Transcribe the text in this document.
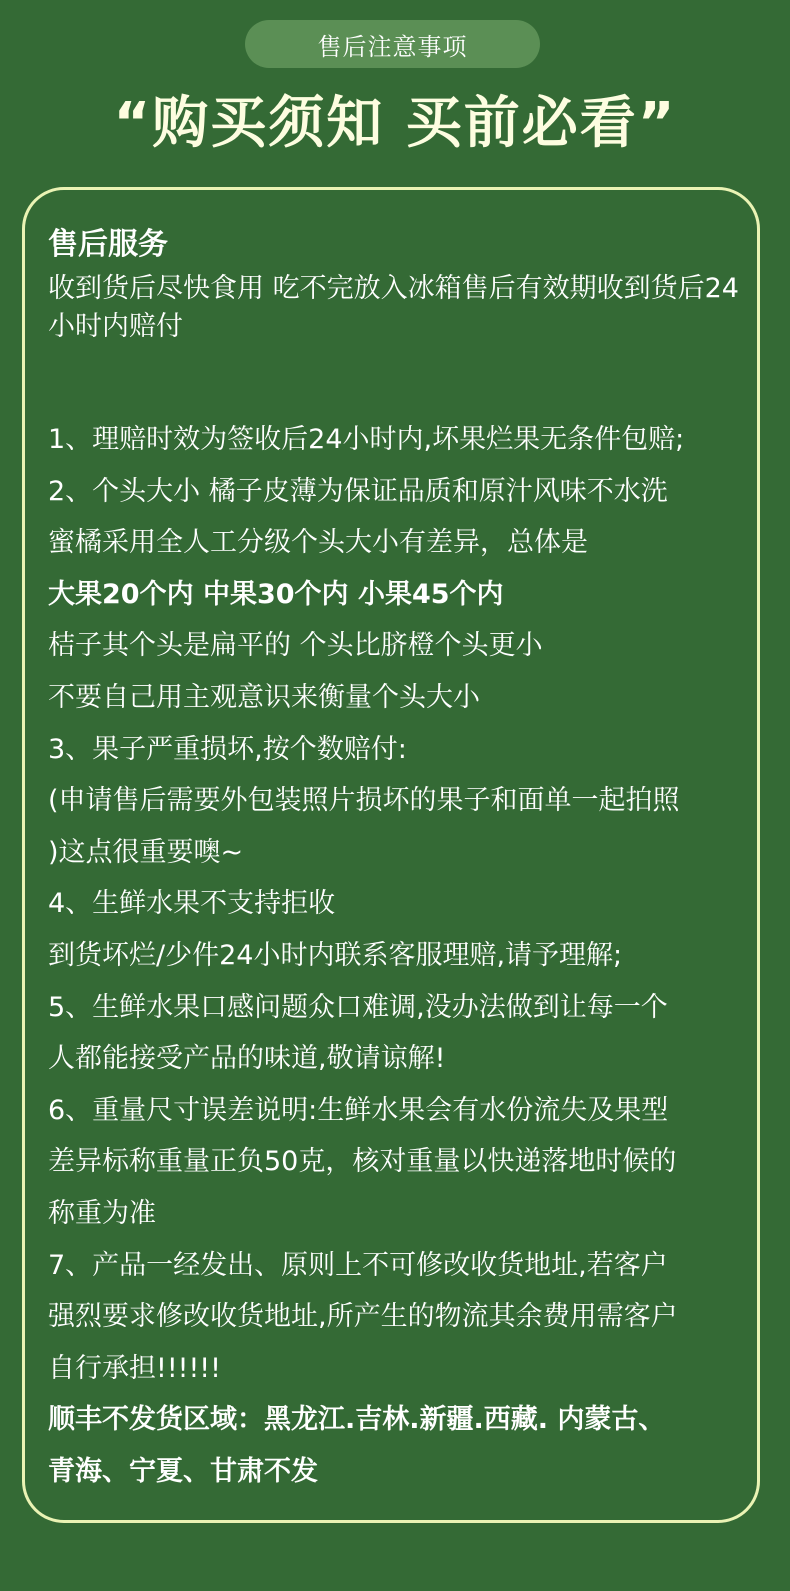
售后注意事项
“购买须知 买前必看”
售后服务
收到货后尽快食用 吃不完放入冰箱售后有效期收到货后24小时内赔付
1、理赔时效为签收后24小时内,坏果烂果无条件包赔;
2、个头大小 橘子皮薄为保证品质和原汁风味不水洗
蜜橘采用全人工分级个头大小有差异，总体是
大果20个内 中果30个内 小果45个内
桔子其个头是扁平的 个头比脐橙个头更小
不要自己用主观意识来衡量个头大小
3、果子严重损坏,按个数赔付:
(申请售后需要外包装照片损坏的果子和面单一起拍照
)这点很重要噢~
4、生鲜水果不支持拒收
到货坏烂/少件24小时内联系客服理赔,请予理解;
5、生鲜水果口感问题众口难调,没办法做到让每一个
人都能接受产品的味道,敬请谅解!
6、重量尺寸误差说明:生鲜水果会有水份流失及果型
差异标称重量正负50克，核对重量以快递落地时候的
称重为准
7、产品一经发出、原则上不可修改收货地址,若客户
强烈要求修改收货地址,所产生的物流其余费用需客户
自行承担!!!!!!
顺丰不发货区域：黑龙江.吉林.新疆.西藏. 内蒙古、
青海、宁夏、甘肃不发
